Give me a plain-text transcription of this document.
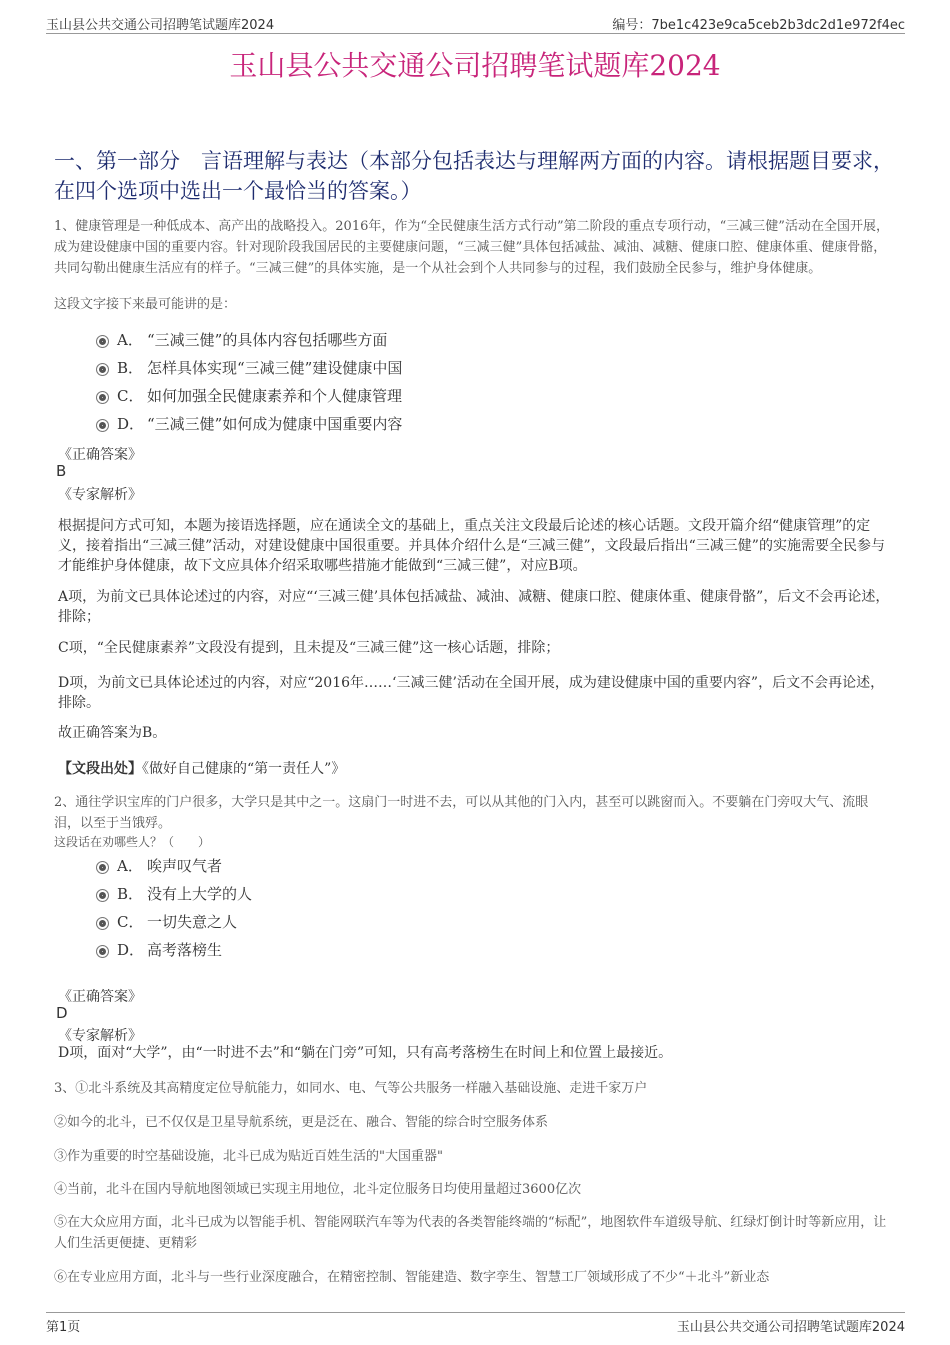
玉山县公共交通公司招聘笔试题库2024	编号：7be1c423e9ca5ceb2b3dc2d1e972f4ec
玉山县公共交通公司招聘笔试题库2024
一、第一部分　言语理解与表达（本部分包括表达与理解两方面的内容。请根据题目要求，在四个选项中选出一个最恰当的答案。）
1、健康管理是一种低成本、高产出的战略投入。2016年，作为“全民健康生活方式行动”第二阶段的重点专项行动，“三减三健”活动在全国开展，成为建设健康中国的重要内容。针对现阶段我国居民的主要健康问题，“三减三健”具体包括减盐、减油、减糖、健康口腔、健康体重、健康骨骼，共同勾勒出健康生活应有的样子。“三减三健”的具体实施，是一个从社会到个人共同参与的过程，我们鼓励全民参与，维护身体健康。
这段文字接下来最可能讲的是：
A． “三减三健”的具体内容包括哪些方面
B． 怎样具体实现“三减三健”建设健康中国
C． 如何加强全民健康素养和个人健康管理
D． “三减三健”如何成为健康中国重要内容
《正确答案》
B
《专家解析》
根据提问方式可知，本题为接语选择题，应在通读全文的基础上，重点关注文段最后论述的核心话题。文段开篇介绍“健康管理”的定义，接着指出“三减三健”活动，对建设健康中国很重要。并具体介绍什么是“三减三健”，文段最后指出“三减三健”的实施需要全民参与才能维护身体健康，故下文应具体介绍采取哪些措施才能做到“三减三健”，对应B项。
A项，为前文已具体论述过的内容，对应“‘三减三健’具体包括减盐、减油、减糖、健康口腔、健康体重、健康骨骼”，后文不会再论述，排除；
C项，“全民健康素养”文段没有提到，且未提及“三减三健”这一核心话题，排除；
D项，为前文已具体论述过的内容，对应“2016年……‘三减三健’活动在全国开展，成为建设健康中国的重要内容”，后文不会再论述，排除。
故正确答案为B。
【文段出处】《做好自己健康的“第一责任人”》
2、通往学识宝库的门户很多，大学只是其中之一。这扇门一时进不去，可以从其他的门入内，甚至可以跳窗而入。不要躺在门旁叹大气、流眼泪，以至于当饿殍。
这段话在劝哪些人？（　　）
A． 唉声叹气者
B． 没有上大学的人
C． 一切失意之人
D． 高考落榜生
《正确答案》
D
《专家解析》
D项，面对“大学”，由“一时进不去”和“躺在门旁”可知，只有高考落榜生在时间上和位置上最接近。
3、①北斗系统及其高精度定位导航能力，如同水、电、气等公共服务一样融入基础设施、走进千家万户
②如今的北斗，已不仅仅是卫星导航系统，更是泛在、融合、智能的综合时空服务体系
③作为重要的时空基础设施，北斗已成为贴近百姓生活的"大国重器"
④当前，北斗在国内导航地图领域已实现主用地位，北斗定位服务日均使用量超过3600亿次
⑤在大众应用方面，北斗已成为以智能手机、智能网联汽车等为代表的各类智能终端的“标配”，地图软件车道级导航、红绿灯倒计时等新应用，让人们生活更便捷、更精彩
⑥在专业应用方面，北斗与一些行业深度融合，在精密控制、智能建造、数字孪生、智慧工厂领域形成了不少“＋北斗”新业态
第1页	玉山县公共交通公司招聘笔试题库2024
